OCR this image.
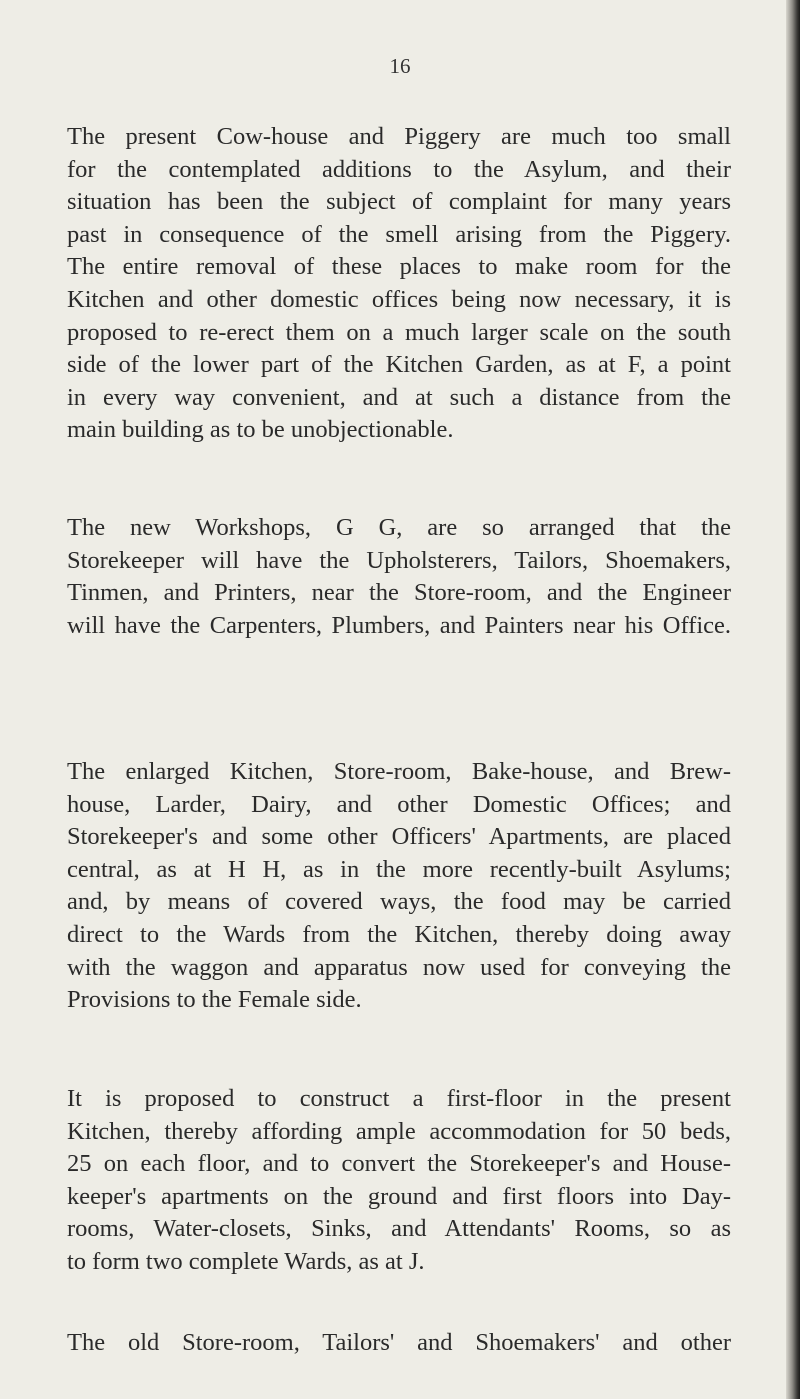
16

The present Cow-house and Piggery are much too small
for the contemplated additions to the Asylum, and their
situation has been the subject of complaint for many years
past in consequence of the smell arising from the Piggery.
The entire removal of these places to make room for the
Kitchen and other domestic offices being now necessary, it is
proposed to re-erect them on a much larger scale on the south
side of the lower part of the Kitchen Garden, as at F, a point
in every way convenient, and at such a distance from the
main building as to be unobjectionable.

The new Workshops, G G, are so arranged that the
Storekeeper will have the Upholsterers, Tailors, Shoemakers,
Tinmen, and Printers, near the Store-room, and the Engineer
will have the Carpenters, Plumbers, and Painters near his Office.

The enlarged Kitchen, Store-room, Bake-house, and Brew-
house, Larder, Dairy, and other Domestic Offices; and
Storekeeper's and some other Officers' Apartments, are placed
central, as at H H, as in the more recently-built Asylums;
and, by means of covered ways, the food may be carried
direct to the Wards from the Kitchen, thereby doing away
with the waggon and apparatus now used for conveying the
Provisions to the Female side.

It is proposed to construct a first-floor in the present
Kitchen, thereby affording ample accommodation for 50 beds,
25 on each floor, and to convert the Storekeeper's and House-
keeper's apartments on the ground and first floors into Day-
rooms, Water-closets, Sinks, and Attendants' Rooms, so as
to form two complete Wards, as at J.

The old Store-room, Tailors' and Shoemakers' and other
